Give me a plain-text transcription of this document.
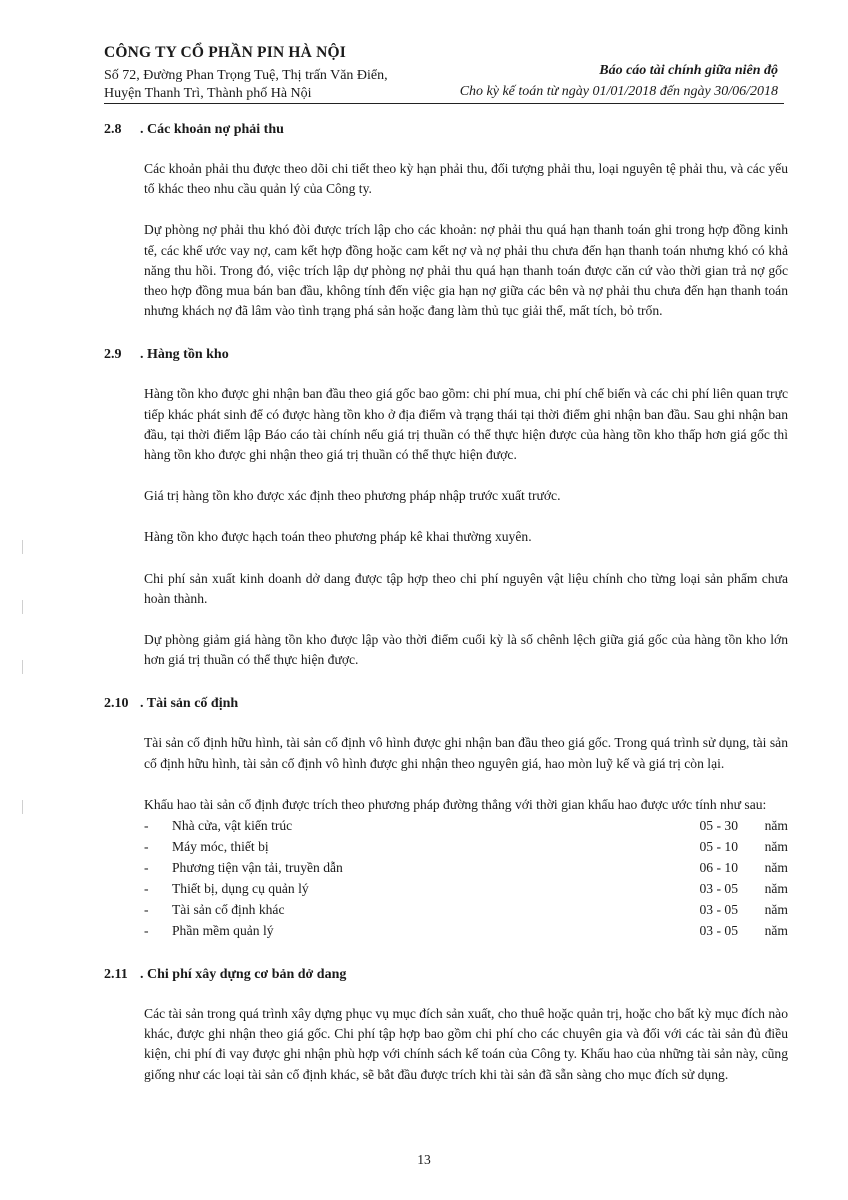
CÔNG TY CỔ PHẦN PIN HÀ NỘI
Số 72, Đường Phan Trọng Tuệ, Thị trấn Văn Điển,
Huyện Thanh Trì, Thành phố Hà Nội
Báo cáo tài chính giữa niên độ
Cho kỳ kế toán từ ngày 01/01/2018 đến ngày 30/06/2018
2.8	. Các khoản nợ phải thu
Các khoản phải thu được theo dõi chi tiết theo kỳ hạn phải thu, đối tượng phải thu, loại nguyên tệ phải thu, và các yếu tố khác theo nhu cầu quản lý của Công ty.
Dự phòng nợ phải thu khó đòi được trích lập cho các khoản: nợ phải thu quá hạn thanh toán ghi trong hợp đồng kinh tế, các khế ước vay nợ, cam kết hợp đồng hoặc cam kết nợ và nợ phải thu chưa đến hạn thanh toán nhưng khó có khả năng thu hồi. Trong đó, việc trích lập dự phòng nợ phải thu quá hạn thanh toán được căn cứ vào thời gian trả nợ gốc theo hợp đồng mua bán ban đầu, không tính đến việc gia hạn nợ giữa các bên và nợ phải thu chưa đến hạn thanh toán nhưng khách nợ đã lâm vào tình trạng phá sản hoặc đang làm thủ tục giải thể, mất tích, bỏ trốn.
2.9	. Hàng tồn kho
Hàng tồn kho được ghi nhận ban đầu theo giá gốc bao gồm: chi phí mua, chi phí chế biến và các chi phí liên quan trực tiếp khác phát sinh để có được hàng tồn kho ở địa điểm và trạng thái tại thời điểm ghi nhận ban đầu. Sau ghi nhận ban đầu, tại thời điểm lập Báo cáo tài chính nếu giá trị thuần có thể thực hiện được của hàng tồn kho thấp hơn giá gốc thì hàng tồn kho được ghi nhận theo giá trị thuần có thể thực hiện được.
Giá trị hàng tồn kho được xác định theo phương pháp nhập trước xuất trước.
Hàng tồn kho được hạch toán theo phương pháp kê khai thường xuyên.
Chi phí sản xuất kinh doanh dở dang được tập hợp theo chi phí nguyên vật liệu chính cho từng loại sản phẩm chưa hoàn thành.
Dự phòng giảm giá hàng tồn kho được lập vào thời điểm cuối kỳ là số chênh lệch giữa giá gốc của hàng tồn kho lớn hơn giá trị thuần có thể thực hiện được.
2.10 . Tài sản cố định
Tài sản cố định hữu hình, tài sản cố định vô hình được ghi nhận ban đầu theo giá gốc. Trong quá trình sử dụng, tài sản cố định hữu hình, tài sản cố định vô hình được ghi nhận theo nguyên giá, hao mòn luỹ kế và giá trị còn lại.
Khấu hao tài sản cố định được trích theo phương pháp đường thẳng với thời gian khấu hao được ước tính như sau:
-	Nhà cửa, vật kiến trúc	05 - 30	năm
-	Máy móc, thiết bị	05 - 10	năm
-	Phương tiện vận tải, truyền dẫn	06 - 10	năm
-	Thiết bị, dụng cụ quản lý	03 - 05	năm
-	Tài sản cố định khác	03 - 05	năm
-	Phần mềm quản lý	03 - 05	năm
2.11 . Chi phí xây dựng cơ bản dở dang
Các tài sản trong quá trình xây dựng phục vụ mục đích sản xuất, cho thuê hoặc quản trị, hoặc cho bất kỳ mục đích nào khác, được ghi nhận theo giá gốc. Chi phí tập hợp bao gồm chi phí cho các chuyên gia và đối với các tài sản đủ điều kiện, chi phí đi vay được ghi nhận phù hợp với chính sách kế toán của Công ty. Khấu hao của những tài sản này, cũng giống như các loại tài sản cố định khác, sẽ bắt đầu được trích khi tài sản đã sẵn sàng cho mục đích sử dụng.
13
